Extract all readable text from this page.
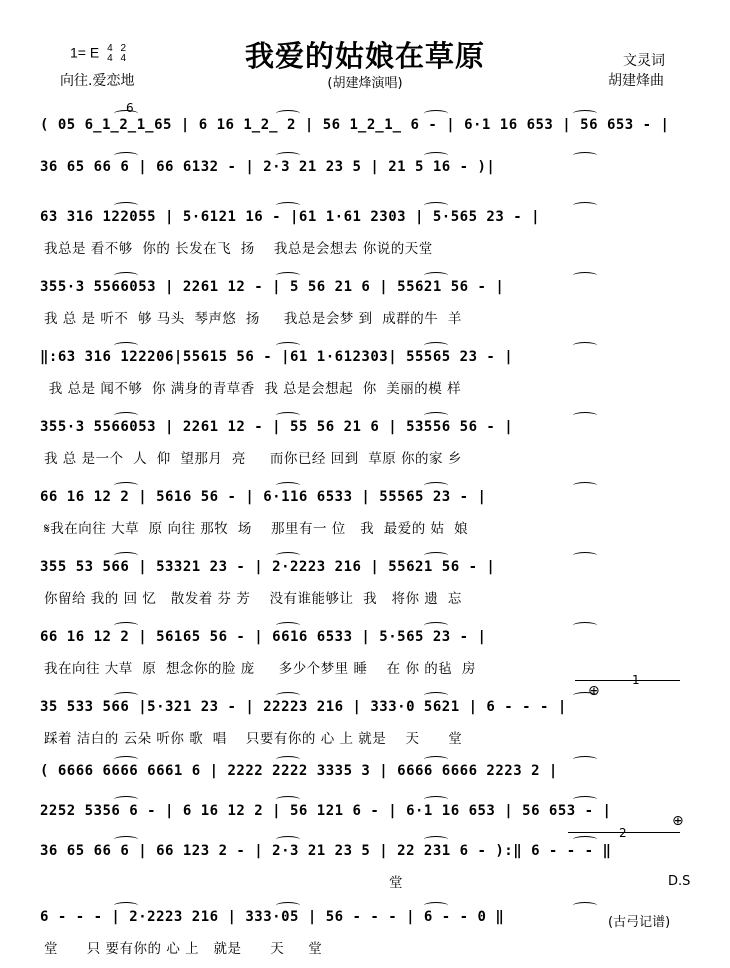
我爱的姑娘在草原
(胡建烽演唱)
1= E 4
4 2
4
向往.爱恋地
文灵词
胡建烽曲
( 05 6̲1̲2̲1̲65 | 6 16 1̲2̲ 2 | 56 1̲2̲1̲ 6 - | 6·1 16 653 | 56 653 - |
36 65 66 6 | 66 6132 - | 2·3 21 23 5 | 21 5 16 - )|
63 316 122055 | 5·6121 16 - |61 1·61 2303 | 5·565 23 - |
我总是 看不够  你的 长发在飞  扬    我总是会想去 你说的天堂
355·3 5566053 | 2261 12 - | 5 56 21 6 | 55621 56 - |
我 总 是 听不  够 马头  琴声悠  扬     我总是会梦 到  成群的牛  羊
‖:63 316 122206|55615 56 - |61 1·612303| 55565 23 - |
我 总是 闻不够  你 满身的青草香  我 总是会想起  你  美丽的模 样
355·3 5566053 | 2261 12 - | 55 56 21 6 | 53556 56 - |
我 总 是一个  人  仰  望那月  亮     而你已经 回到  草原 你的家 乡
66 16 12 2 | 5616 56 - | 6·116 6533 | 55565 23 - |
𝄋我在向往 大草  原 向往 那牧  场    那里有一 位   我  最爱的 姑  娘
355 53 566 | 53321 23 - | 2·2223 216 | 55621 56 - |
你留给 我的 回 忆   散发着 芬 芳    没有谁能够让  我   将你 遗  忘
66 16 12 2 | 56165 56 - | 6616 6533 | 5·565 23 - |
我在向往 大草  原  想念你的脸 庞     多少个梦里 睡    在 你 的毡  房
35 533 566 |5·321 23 - | 22223 216 | 333·0 5621 | 6 - - - |
踩着 洁白的 云朵 听你 歌  唱    只要有你的 心 上 就是    天      堂
( 6666 6666 6661 6 | 2222 2222 3335 3 | 6666 6666 2223 2 |
2252 5356 6 - | 6 16 12 2 | 56 121 6 - | 6·1 16 653 | 56 653 - |
36 65 66 6 | 66 123 2 - | 2·3 21 23 5 | 22 231 6 - ):‖ 6 - - - ‖
堂
6 - - - | 2·2223 216 | 333·05 | 56 - - - | 6 - - 0 ‖
堂      只 要有你的 心 上   就是      天     堂
6
1
2
⊕
⊕
D.S
(古弓记谱)
